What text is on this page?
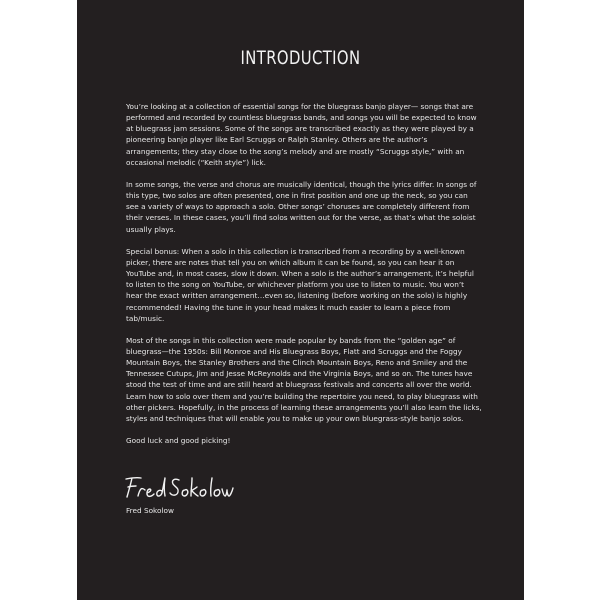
INTRODUCTION

You’re looking at a collection of essential songs for the bluegrass banjo player— songs that are performed and recorded by countless bluegrass bands, and songs you will be expected to know at bluegrass jam sessions. Some of the songs are transcribed exactly as they were played by a pioneering banjo player like Earl Scruggs or Ralph Stanley. Others are the author’s arrangements; they stay close to the song’s melody and are mostly “Scruggs style,” with an occasional melodic (“Keith style”) lick.

In some songs, the verse and chorus are musically identical, though the lyrics differ. In songs of this type, two solos are often presented, one in first position and one up the neck, so you can see a variety of ways to approach a solo. Other songs’ choruses are completely different from their verses. In these cases, you’ll find solos written out for the verse, as that’s what the soloist usually plays.

Special bonus: When a solo in this collection is transcribed from a recording by a well-known picker, there are notes that tell you on which album it can be found, so you can hear it on YouTube and, in most cases, slow it down. When a solo is the author’s arrangement, it’s helpful to listen to the song on YouTube, or whichever platform you use to listen to music. You won’t hear the exact written arrangement…even so, listening (before working on the solo) is highly recommended! Having the tune in your head makes it much easier to learn a piece from tab/music.

Most of the songs in this collection were made popular by bands from the “golden age” of bluegrass—the 1950s: Bill Monroe and His Bluegrass Boys, Flatt and Scruggs and the Foggy Mountain Boys, the Stanley Brothers and the Clinch Mountain Boys, Reno and Smiley and the Tennessee Cutups, Jim and Jesse McReynolds and the Virginia Boys, and so on. The tunes have stood the test of time and are still heard at bluegrass festivals and concerts all over the world. Learn how to solo over them and you’re building the repertoire you need, to play bluegrass with other pickers. Hopefully, in the process of learning these arrangements you’ll also learn the licks, styles and techniques that will enable you to make up your own bluegrass-style banjo solos.

Good luck and good picking!

Fred Sokolow
